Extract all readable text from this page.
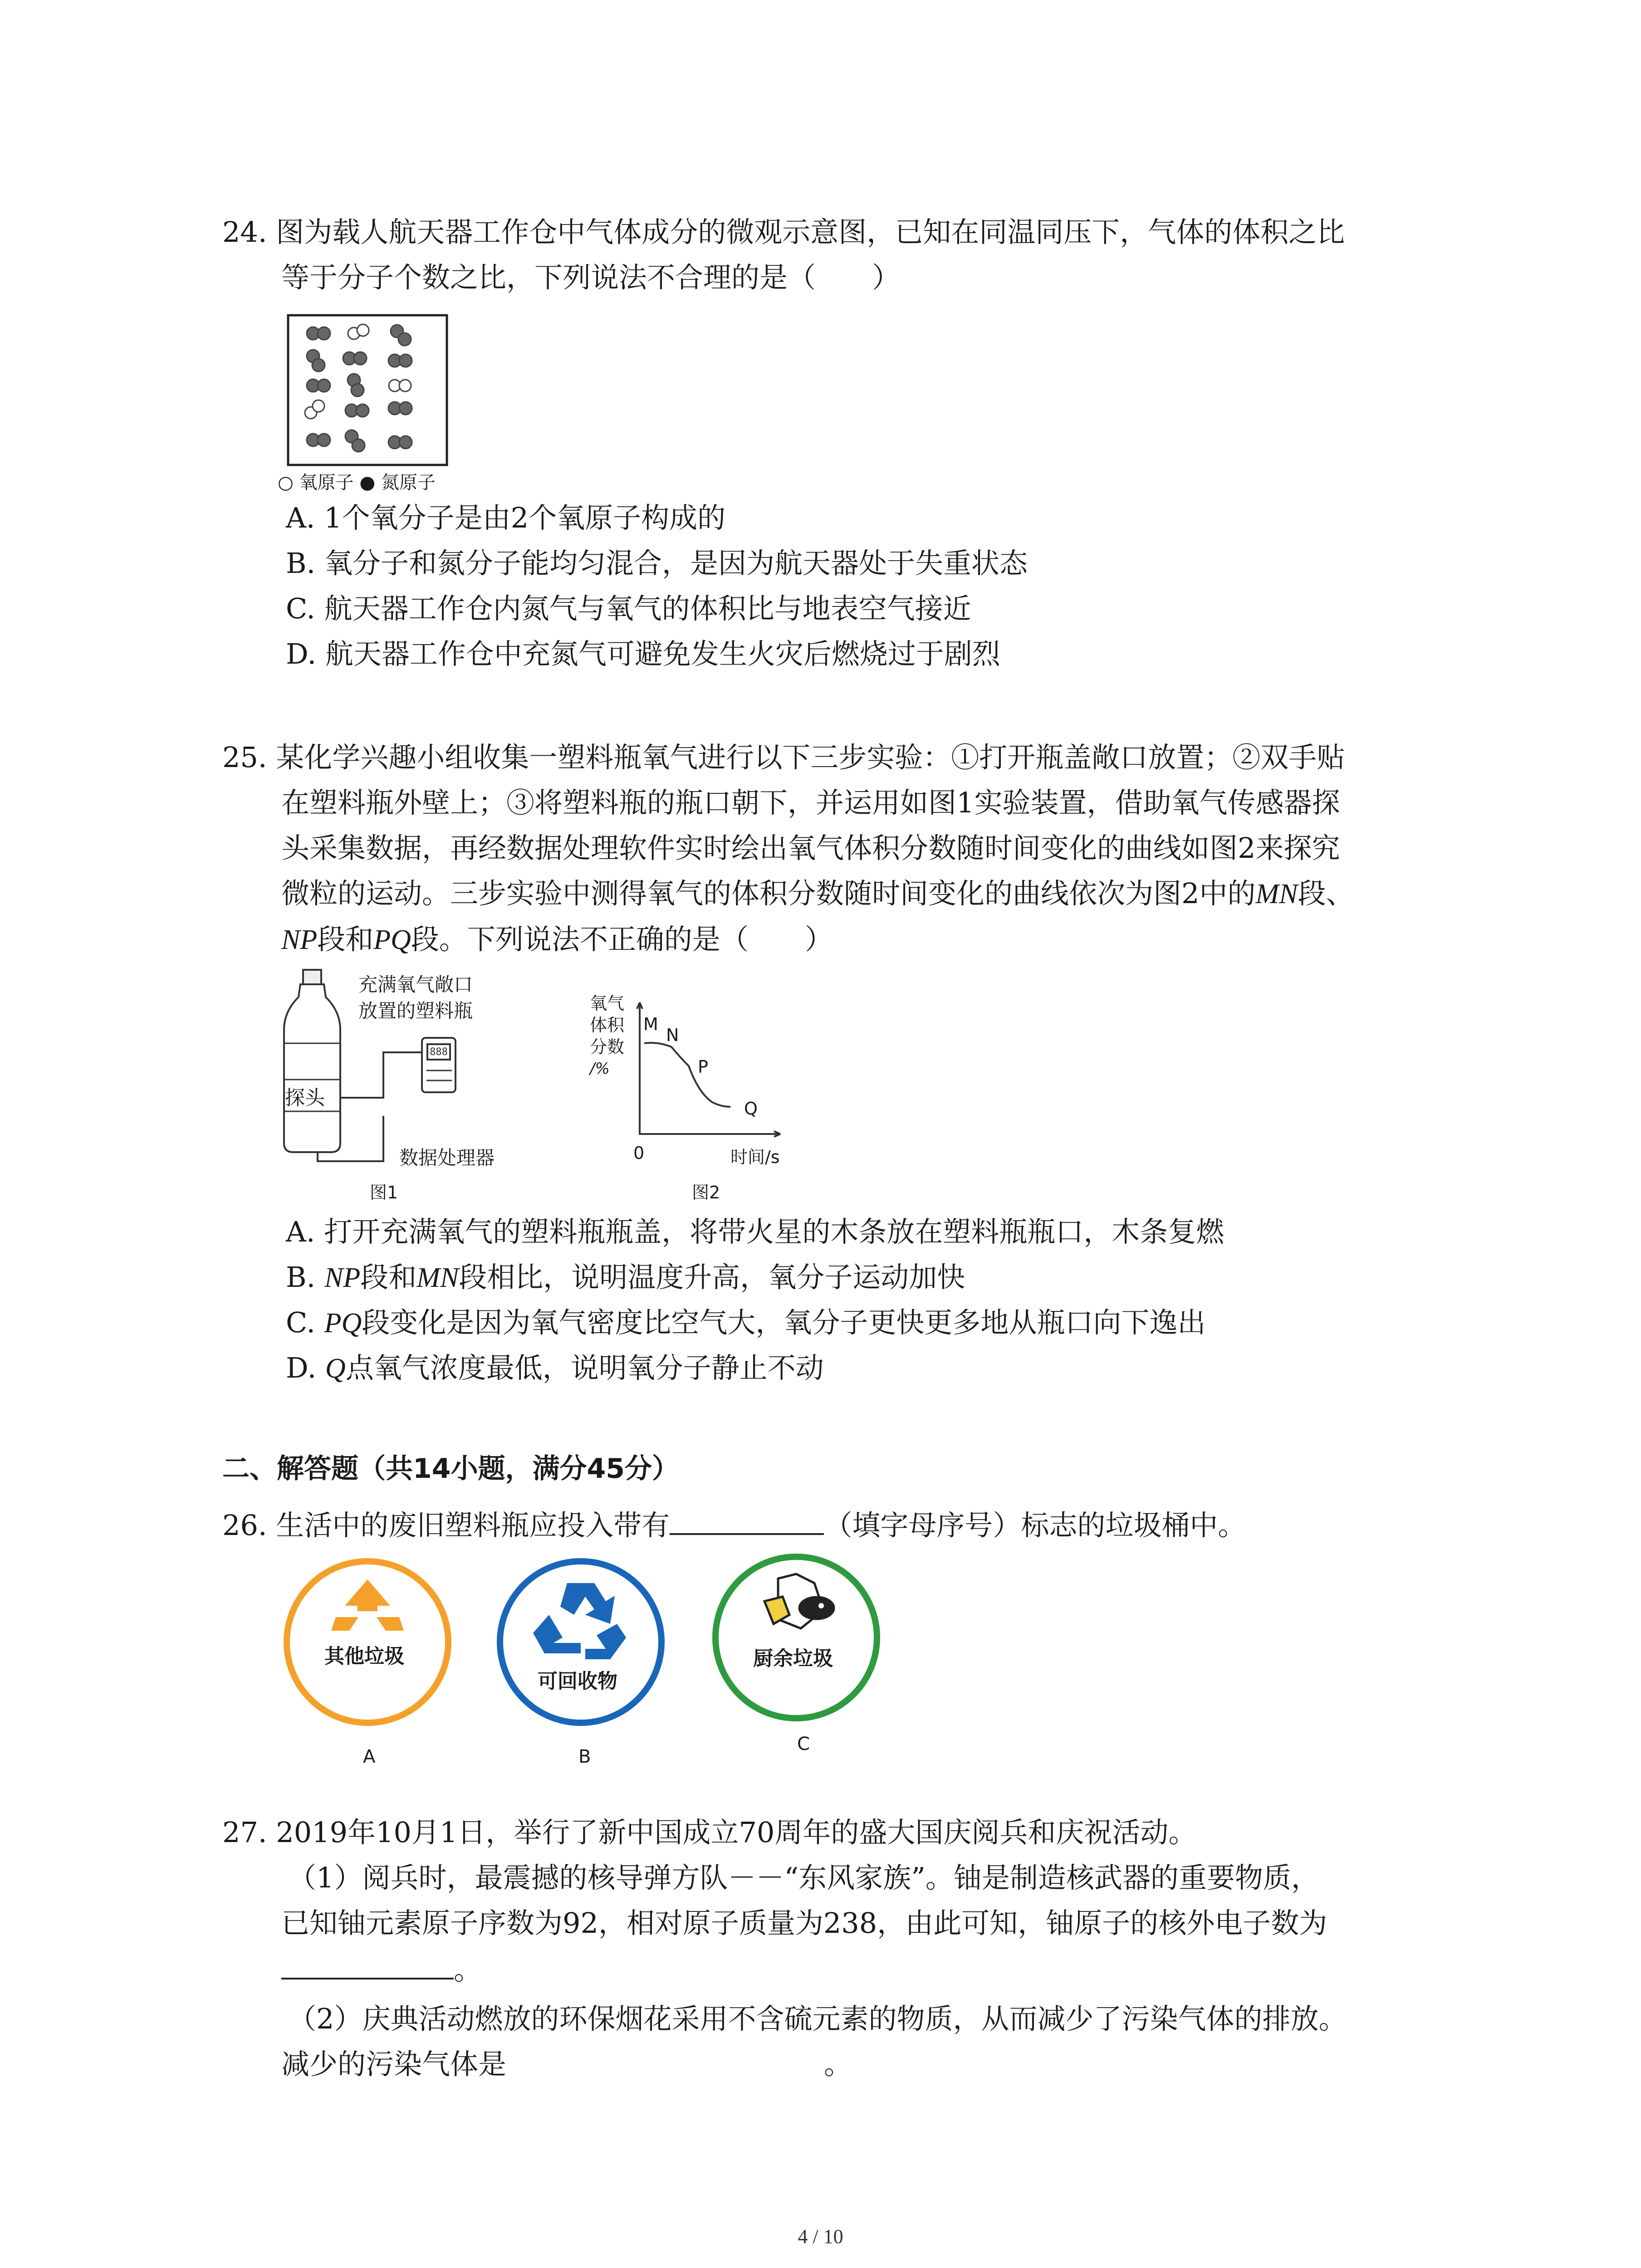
24. 图为载人航天器工作仓中气体成分的微观示意图，已知在同温同压下，气体的体积之比

等于分子个数之比，下列说法不合理的是（　　）

○ 氧原子 ● 氮原子
A. 1个氧分子是由2个氧原子构成的
B. 氧分子和氮分子能均匀混合，是因为航天器处于失重状态
C. 航天器工作仓内氮气与氧气的体积比与地表空气接近
D. 航天器工作仓中充氮气可避免发生火灾后燃烧过于剧烈

25. 某化学兴趣小组收集一塑料瓶氧气进行以下三步实验：①打开瓶盖敞口放置；②双手贴

在塑料瓶外壁上；③将塑料瓶的瓶口朝下，并运用如图1实验装置，借助氧气传感器探

头采集数据，再经数据处理软件实时绘出氧气体积分数随时间变化的曲线如图2来探究

微粒的运动。三步实验中测得氧气的体积分数随时间变化的曲线依次为图2中的MN段、

NP段和PQ段。下列说法不正确的是（　　）

888
充满氧气敞口
放置的塑料瓶
探头
数据处理器
图1
氧气
体积
分数
/%
M
N
P
Q
0	时间/s
图2
A. 打开充满氧气的塑料瓶瓶盖，将带火星的木条放在塑料瓶瓶口，木条复燃
B. NP段和MN段相比，说明温度升高，氧分子运动加快
C. PQ段变化是因为氧气密度比空气大，氧分子更快更多地从瓶口向下逸出
D. Q点氧气浓度最低，说明氧分子静止不动
二、解答题（共14小题，满分45分）

26. 生活中的废旧塑料瓶应投入带有	（填字母序号）标志的垃圾桶中。

其他垃圾
A
可回收物
B
厨余垃圾
C

27. 2019年10月1日，举行了新中国成立70周年的盛大国庆阅兵和庆祝活动。

（1）阅兵时，最震撼的核导弹方队－－“东风家族”。铀是制造核武器的重要物质，

已知铀元素原子序数为92，相对原子质量为238，由此可知，铀原子的核外电子数为

。

（2）庆典活动燃放的环保烟花采用不含硫元素的物质，从而减少了污染气体的排放。

减少的污染气体是	。

4 / 10
